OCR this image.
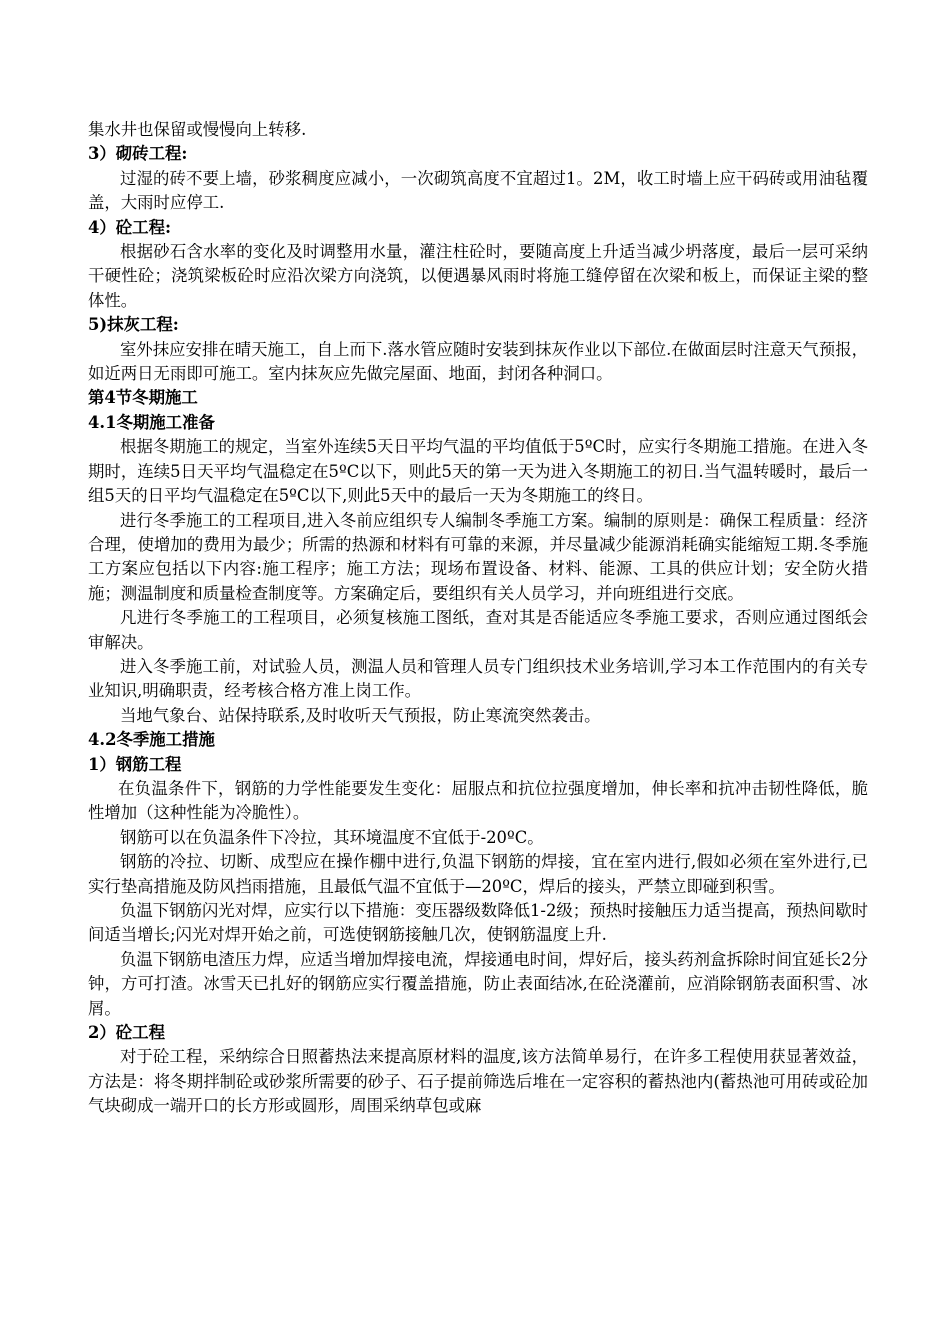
集水井也保留或慢慢向上转移.
3）砌砖工程:
过湿的砖不要上墙，砂浆稠度应减小，一次砌筑高度不宜超过1。2M，收工时墙上应干码砖或用油毡覆盖，大雨时应停工.
4）砼工程:
根据砂石含水率的变化及时调整用水量，灌注柱砼时，要随高度上升适当减少坍落度，最后一层可采纳干硬性砼；浇筑梁板砼时应沿次梁方向浇筑，以便遇暴风雨时将施工缝停留在次梁和板上，而保证主梁的整体性。
5)抹灰工程:
室外抹应安排在晴天施工，自上而下.落水管应随时安装到抹灰作业以下部位.在做面层时注意天气预报，如近两日无雨即可施工。室内抹灰应先做完屋面、地面，封闭各种洞口。
第4节冬期施工
4.1冬期施工准备
根据冬期施工的规定，当室外连续5天日平均气温的平均值低于5ºC时，应实行冬期施工措施。在进入冬期时，连续5日天平均气温稳定在5ºC以下，则此5天的第一天为进入冬期施工的初日.当气温转暖时，最后一组5天的日平均气温稳定在5ºC以下,则此5天中的最后一天为冬期施工的终日。
进行冬季施工的工程项目,进入冬前应组织专人编制冬季施工方案。编制的原则是：确保工程质量：经济合理，使增加的费用为最少；所需的热源和材料有可靠的来源，并尽量减少能源消耗确实能缩短工期.冬季施工方案应包括以下内容:施工程序；施工方法；现场布置设备、材料、能源、工具的供应计划；安全防火措施；测温制度和质量检查制度等。方案确定后，要组织有关人员学习，并向班组进行交底。
凡进行冬季施工的工程项目，必须复核施工图纸，查对其是否能适应冬季施工要求，否则应通过图纸会审解决。
进入冬季施工前，对试验人员，测温人员和管理人员专门组织技术业务培训,学习本工作范围内的有关专业知识,明确职责，经考核合格方准上岗工作。
当地气象台、站保持联系,及时收听天气预报，防止寒流突然袭击。
4.2冬季施工措施
1）钢筋工程
在负温条件下，钢筋的力学性能要发生变化：屈服点和抗位拉强度增加，伸长率和抗冲击韧性降低，脆性增加（这种性能为冷脆性）。
钢筋可以在负温条件下冷拉，其环境温度不宜低于-20ºC。
钢筋的冷拉、切断、成型应在操作棚中进行,负温下钢筋的焊接，宜在室内进行,假如必须在室外进行,已实行垫高措施及防风挡雨措施，且最低气温不宜低于—20ºC，焊后的接头，严禁立即碰到积雪。
负温下钢筋闪光对焊，应实行以下措施：变压器级数降低1-2级；预热时接触压力适当提高，预热间歇时间适当增长;闪光对焊开始之前，可选使钢筋接触几次，使钢筋温度上升.
负温下钢筋电渣压力焊，应适当增加焊接电流，焊接通电时间，焊好后，接头药剂盒拆除时间宜延长2分钟，方可打渣。冰雪天已扎好的钢筋应实行覆盖措施，防止表面结冰,在砼浇灌前，应消除钢筋表面积雪、冰屑。
2）砼工程
对于砼工程，采纳综合日照蓄热法来提高原材料的温度,该方法简单易行，在许多工程使用获显著效益，方法是：将冬期拌制砼或砂浆所需要的砂子、石子提前筛选后堆在一定容积的蓄热池内(蓄热池可用砖或砼加气块砌成一端开口的长方形或圆形，周围采纳草包或麻
